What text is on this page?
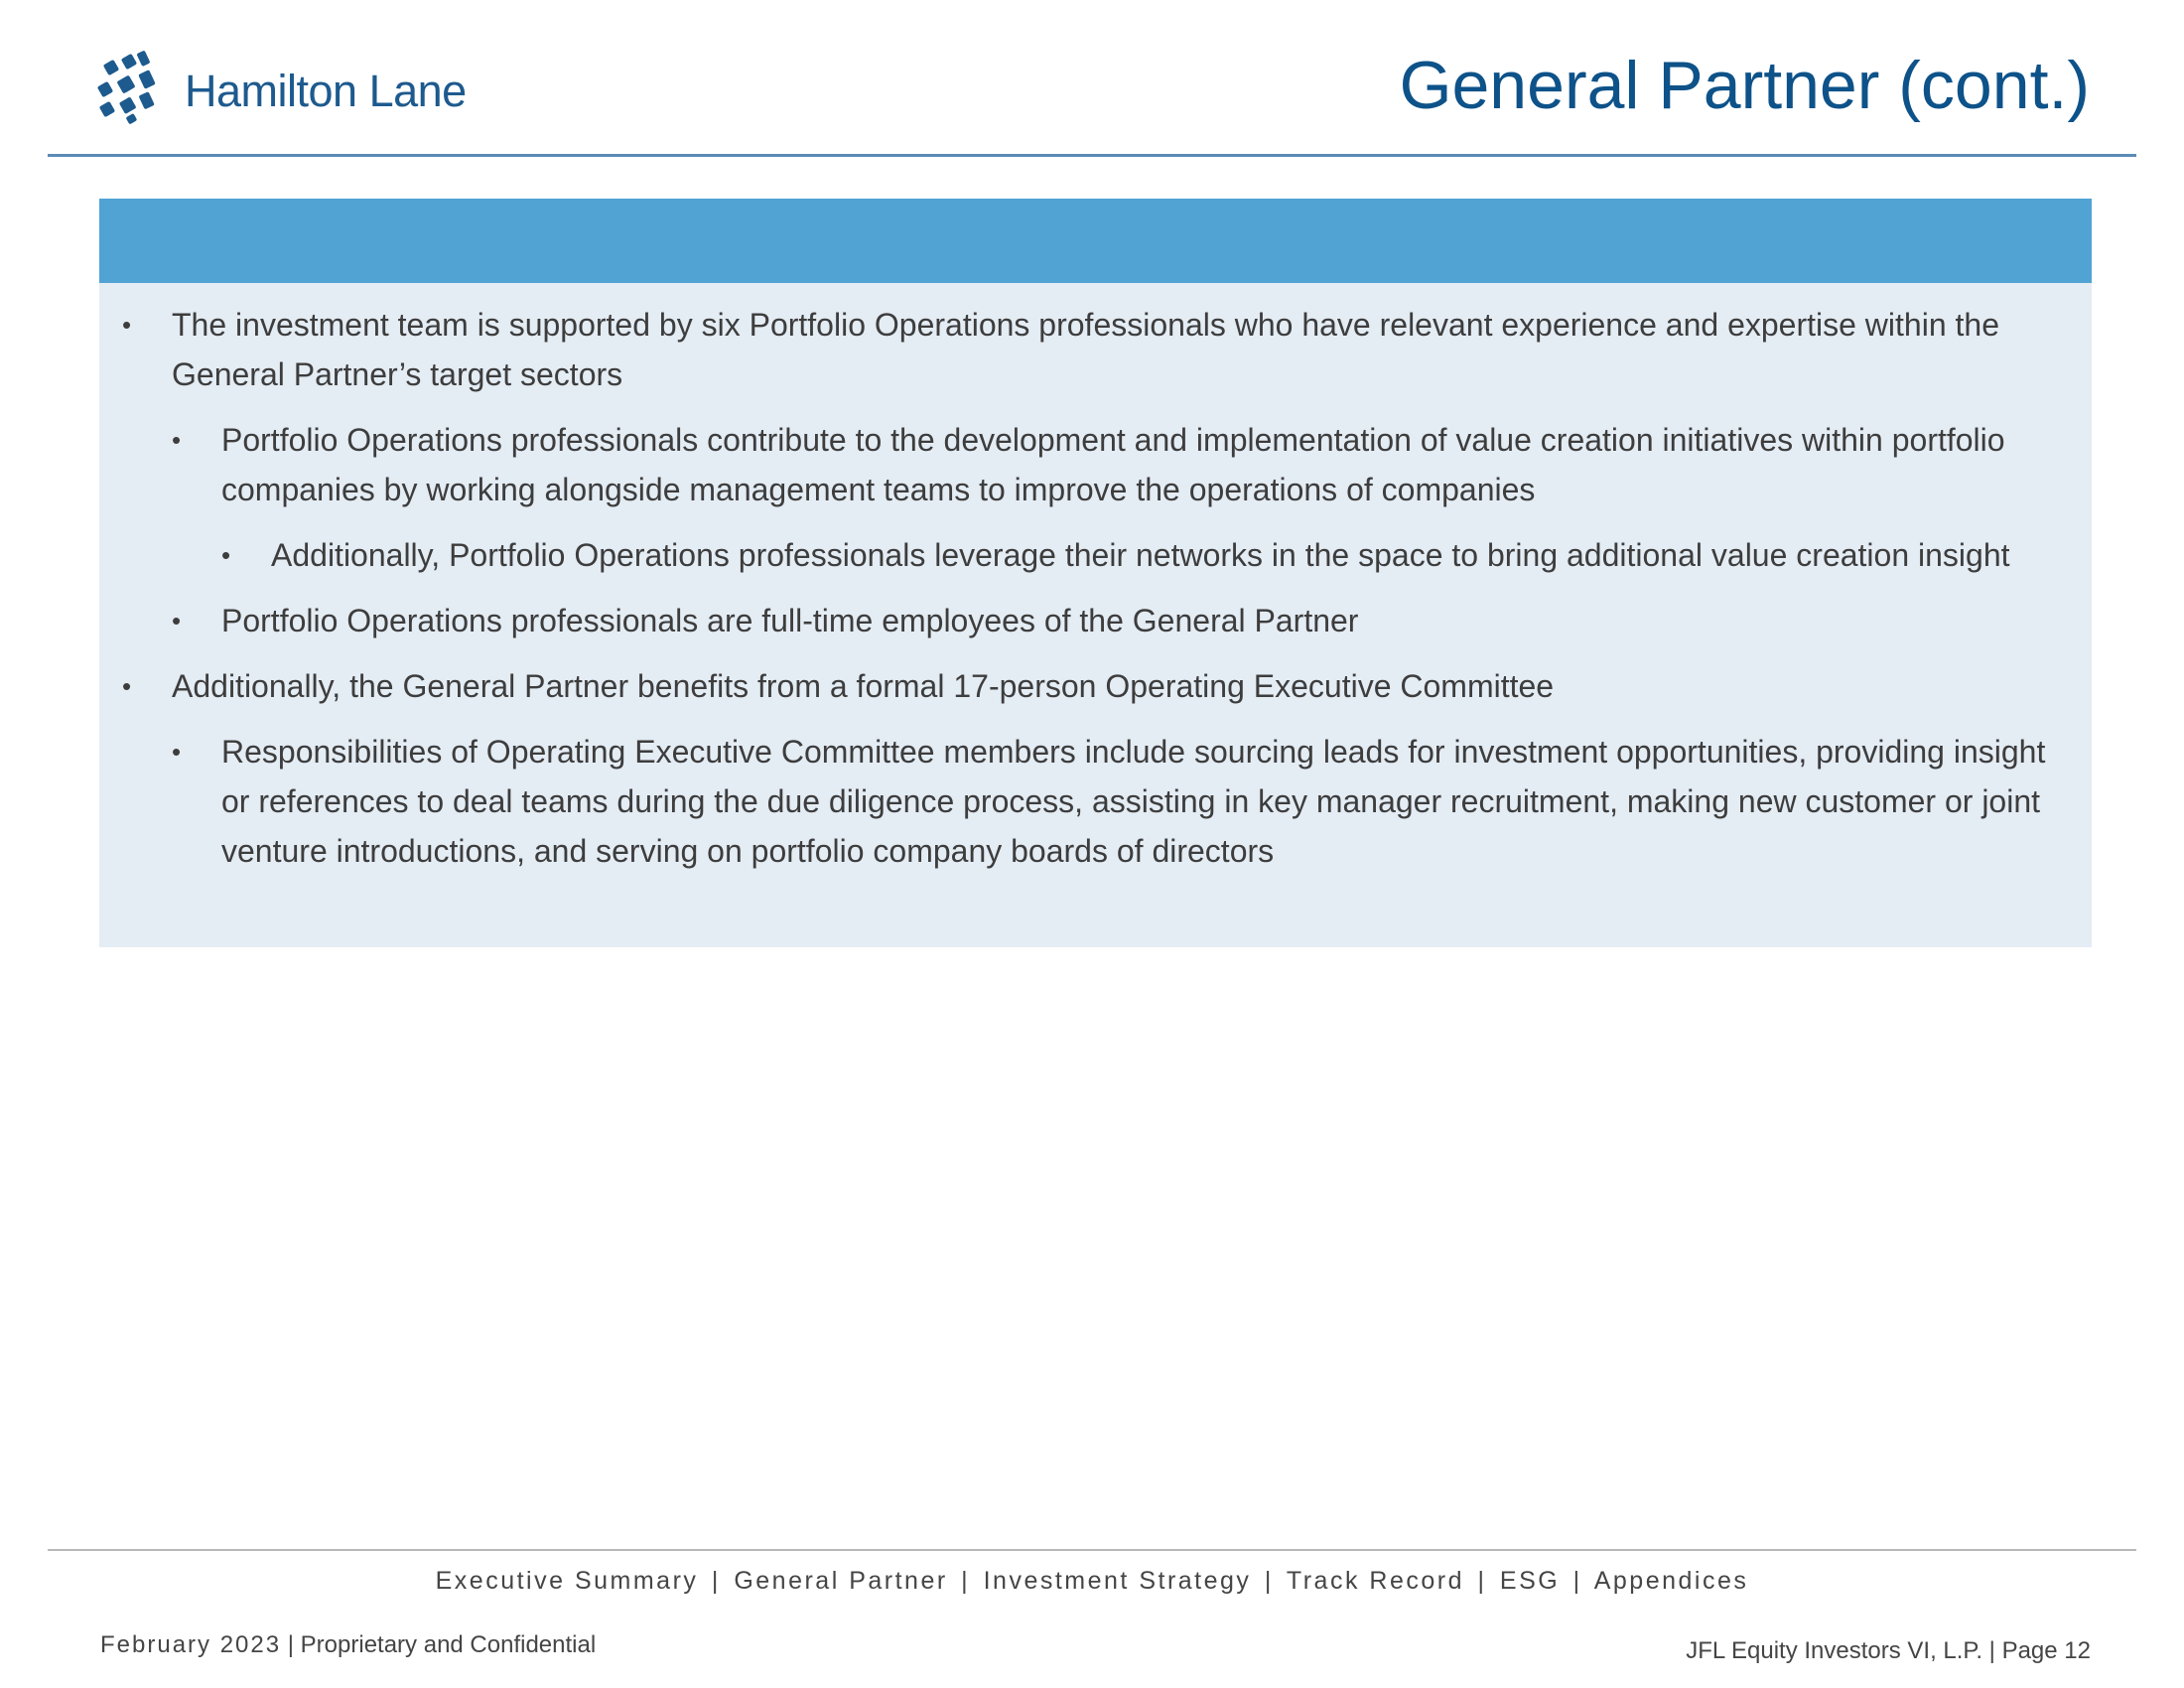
Hamilton Lane	General Partner (cont.)
• The investment team is supported by six Portfolio Operations professionals who have relevant experience and expertise within the General Partner’s target sectors
• Portfolio Operations professionals contribute to the development and implementation of value creation initiatives within portfolio companies by working alongside management teams to improve the operations of companies
• Additionally, Portfolio Operations professionals leverage their networks in the space to bring additional value creation insight
• Portfolio Operations professionals are full-time employees of the General Partner
• Additionally, the General Partner benefits from a formal 17-person Operating Executive Committee
• Responsibilities of Operating Executive Committee members include sourcing leads for investment opportunities, providing insight or references to deal teams during the due diligence process, assisting in key manager recruitment, making new customer or joint venture introductions, and serving on portfolio company boards of directors
Executive Summary | General Partner | Investment Strategy | Track Record | ESG | Appendices
February 2023 | Proprietary and Confidential	JFL Equity Investors VI, L.P. | Page 12
